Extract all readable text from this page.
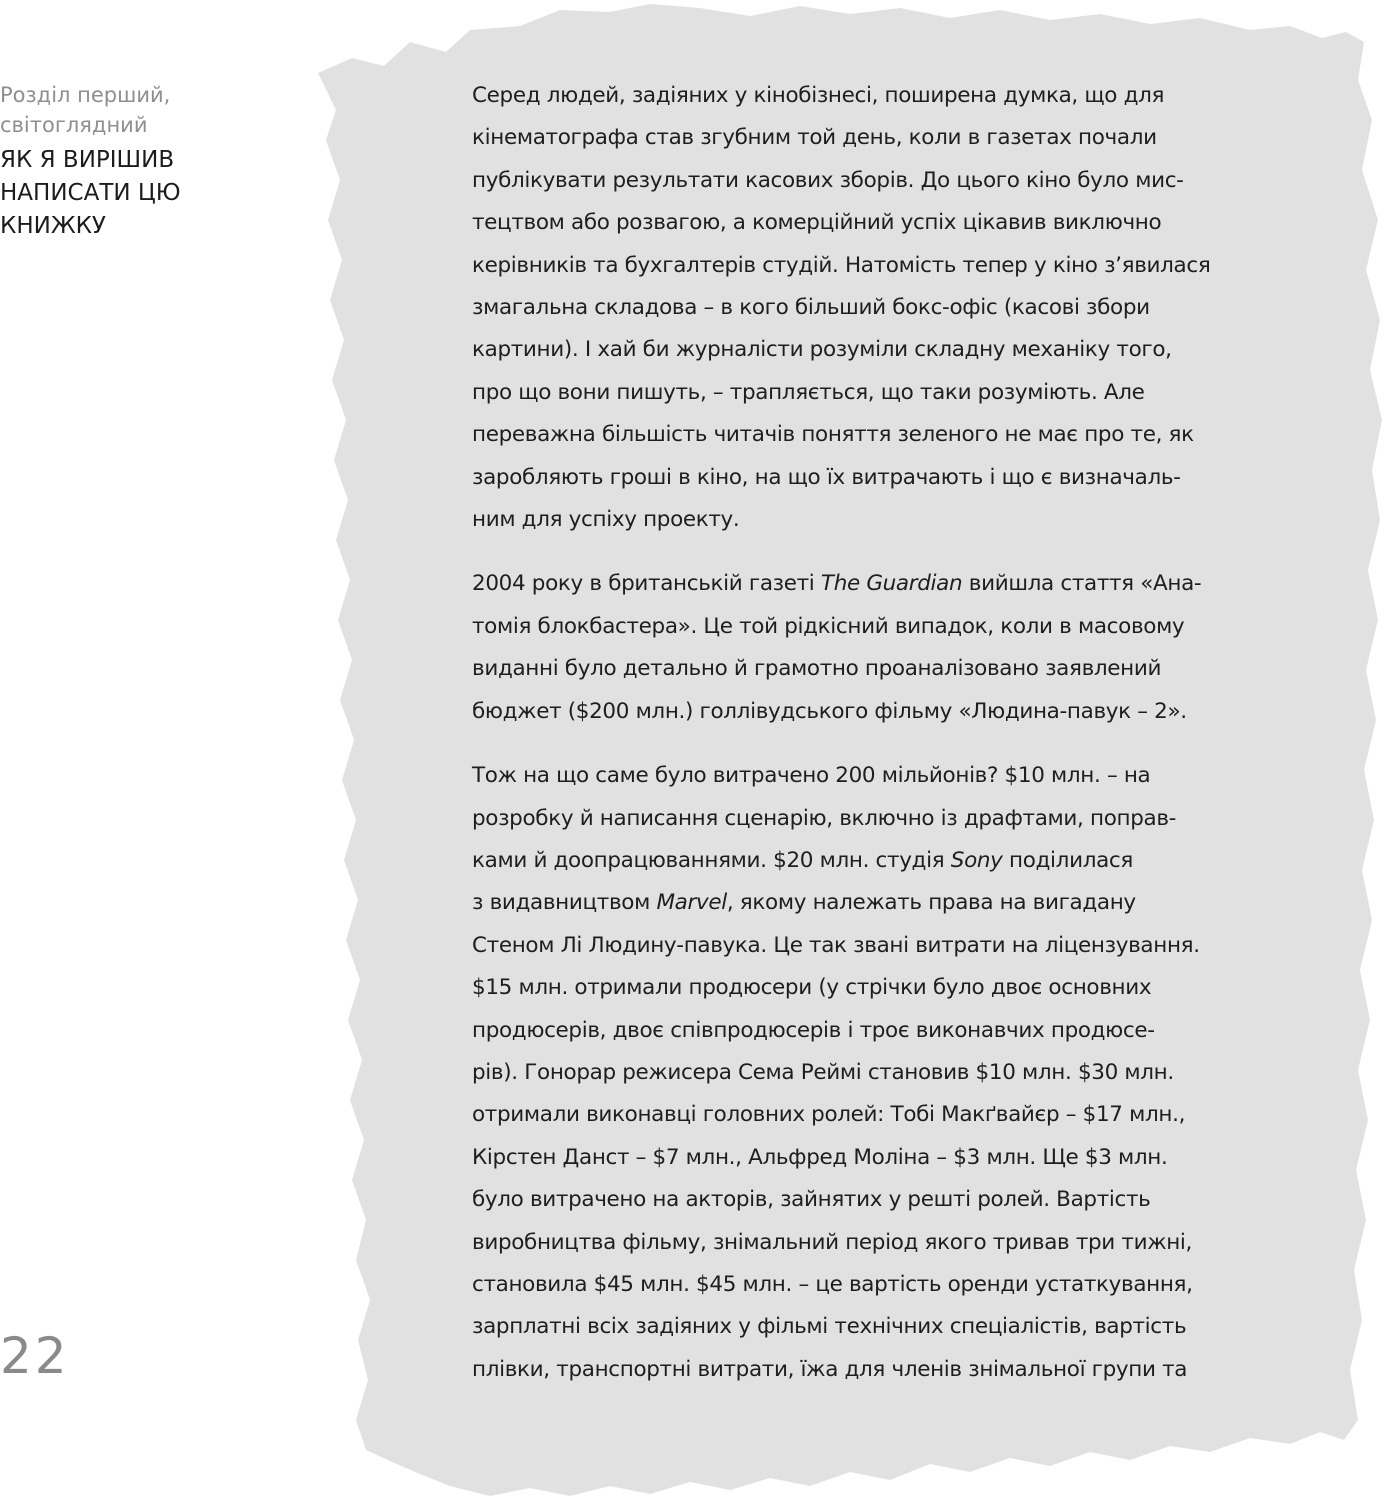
Розділ перший,
світоглядний

ЯК Я ВИРІШИВ
НАПИСАТИ ЦЮ
КНИЖКУ
22

Серед людей, задіяних у кінобізнесі, поширена думка, що для
кінематографа став згубним той день, коли в газетах почали
публікувати результати касових зборів. До цього кіно було мис-
тецтвом або розвагою, а комерційний успіх цікавив виключно
керівників та бухгалтерів студій. Натомість тепер у кіно з’явилася
змагальна складова – в кого більший бокс-офіс (касові збори
картини). І хай би журналісти розуміли складну механіку того,
про що вони пишуть, – трапляється, що таки розуміють. Але
переважна більшість читачів поняття зеленого не має про те, як
заробляють гроші в кіно, на що їх витрачають і що є визначаль-
ним для успіху проекту.

2004 року в британській газеті The Guardian вийшла стаття «Ана-
томія блокбастера». Це той рідкісний випадок, коли в масовому
виданні було детально й грамотно проаналізовано заявлений
бюджет ($200 млн.) голлівудського фільму «Людина-павук – 2».

Тож на що саме було витрачено 200 мільйонів? $10 млн. – на
розробку й написання сценарію, включно із драфтами, поправ-
ками й доопрацюваннями. $20 млн. студія Sony поділилася
з видавництвом Marvel, якому належать права на вигадану
Стеном Лі Людину-павука. Це так звані витрати на ліцензування.
$15 млн. отримали продюсери (у стрічки було двоє основних
продюсерів, двоє співпродюсерів і троє виконавчих продюсе-
рів). Гонорар режисера Сема Реймі становив $10 млн. $30 млн.
отримали виконавці головних ролей: Тобі Макґвайєр – $17 млн.,
Кірстен Данст – $7 млн., Альфред Моліна – $3 млн. Ще $3 млн.
було витрачено на акторів, зайнятих у решті ролей. Вартість
виробництва фільму, знімальний період якого тривав три тижні,
становила $45 млн. $45 млн. – це вартість оренди устаткування,
зарплатні всіх задіяних у фільмі технічних спеціалістів, вартість
плівки, транспортні витрати, їжа для членів знімальної групи та
